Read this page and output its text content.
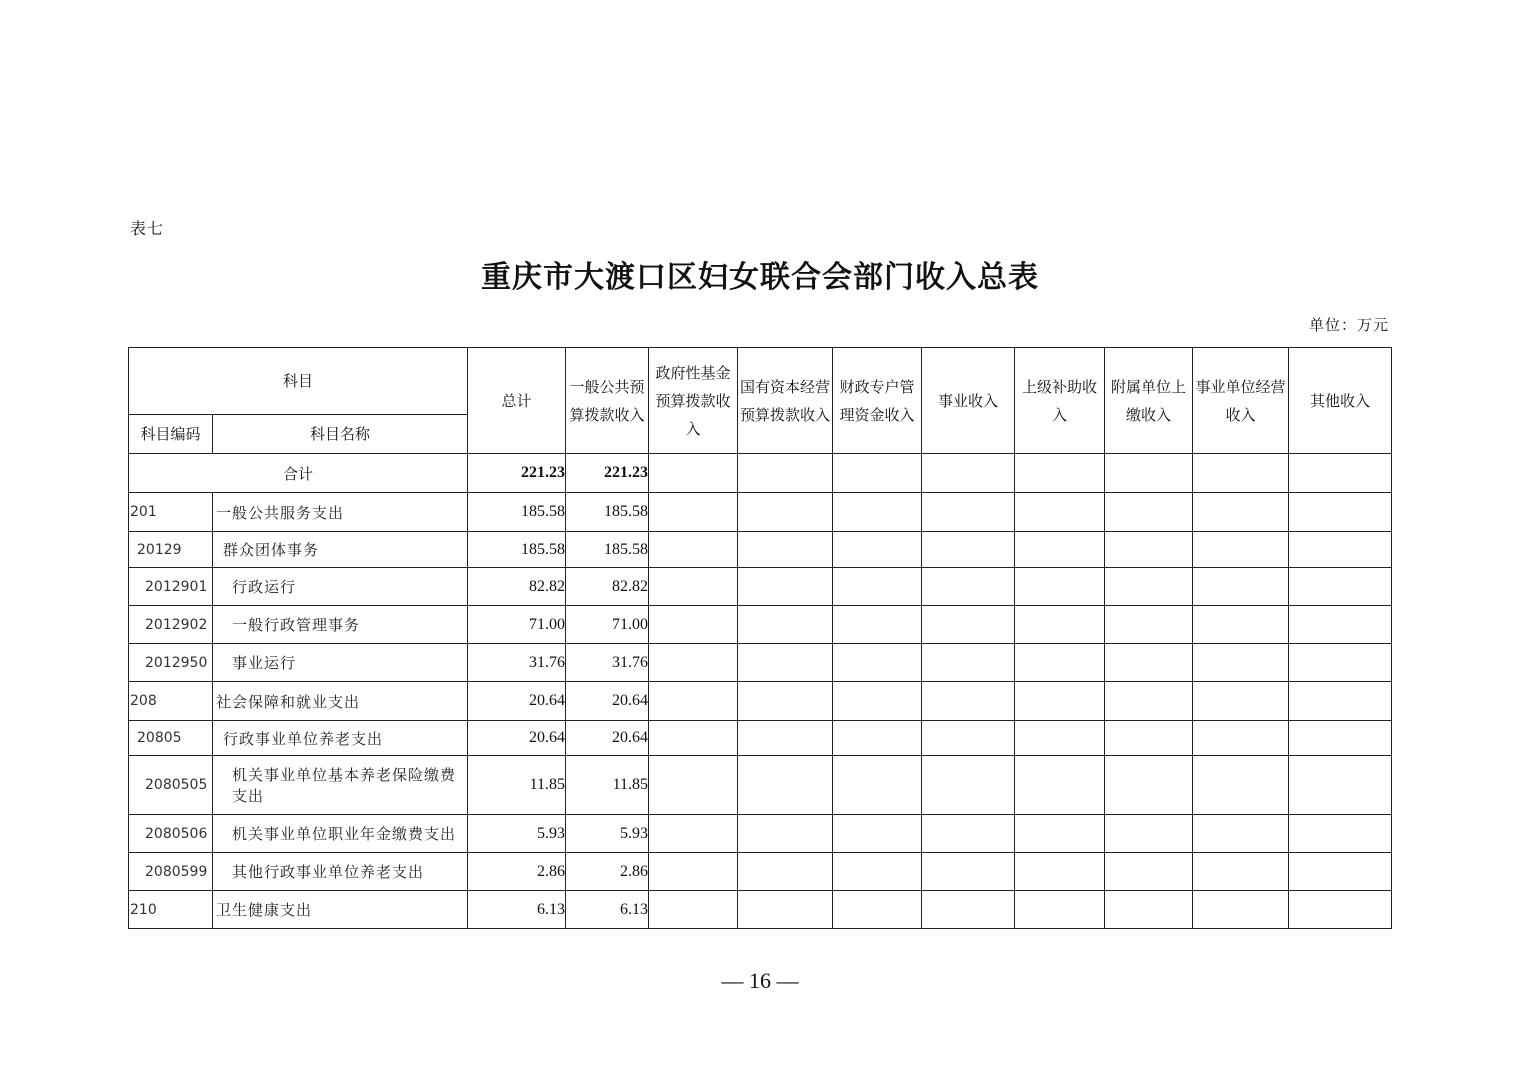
表七
重庆市大渡口区妇女联合会部门收入总表
单位：万元
科目		总计	一般公共预算拨款收入	政府性基金预算拨款收入	国有资本经营预算拨款收入	财政专户管理资金收入	事业收入	上级补助收入	附属单位上缴收入	事业单位经营收入	其他收入
科目编码	科目名称										
合计		221.23	221.23								
201	一般公共服务支出	185.58	185.58								
20129	群众团体事务	185.58	185.58								
2012901	行政运行	82.82	82.82								
2012902	一般行政管理事务	71.00	71.00								
2012950	事业运行	31.76	31.76								
208	社会保障和就业支出	20.64	20.64								
20805	行政事业单位养老支出	20.64	20.64								
2080505	机关事业单位基本养老保险缴费支出	11.85	11.85								
2080506	机关事业单位职业年金缴费支出	5.93	5.93								
2080599	其他行政事业单位养老支出	2.86	2.86								
210	卫生健康支出	6.13	6.13								
— 16 —
